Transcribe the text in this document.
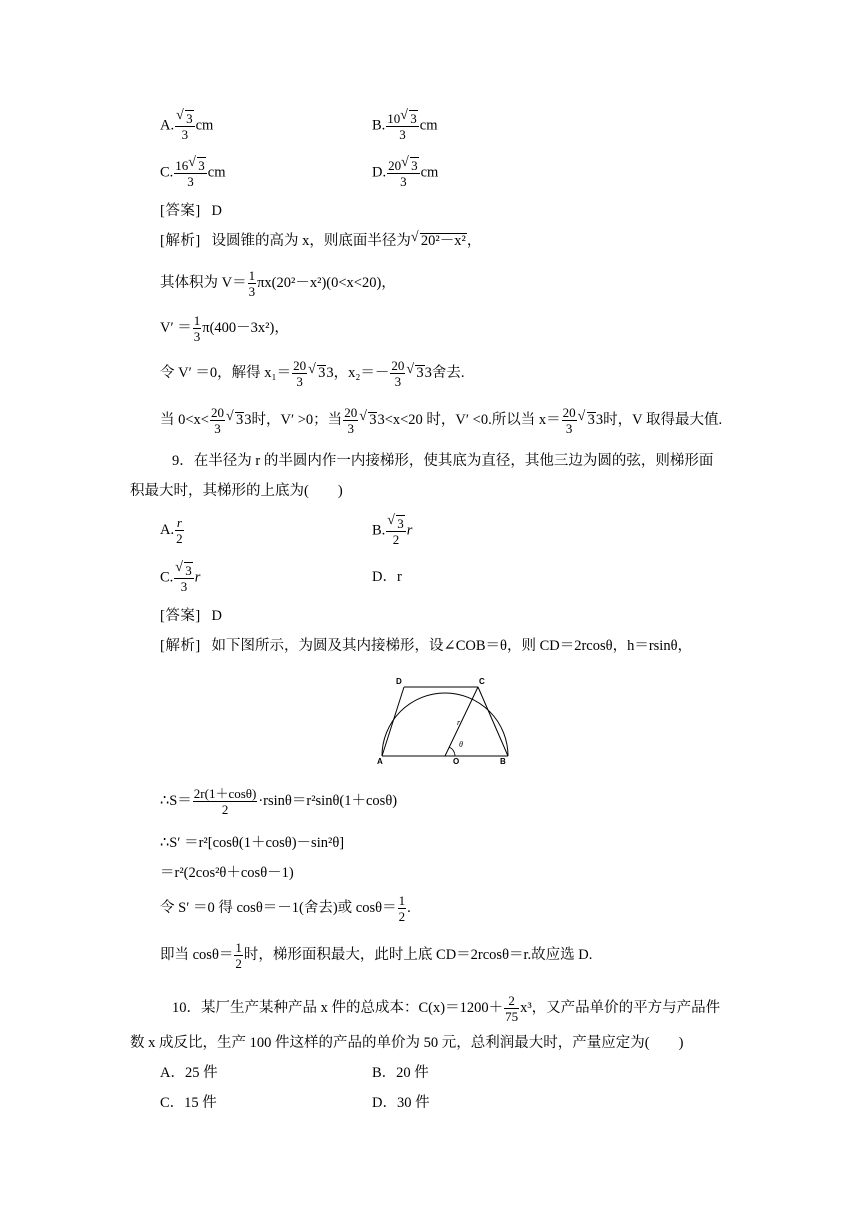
A. √ $\frac{3}{3}$ cm	B. $\frac{10 √ 3}{3}$ cm
C. $\frac{16 √ 3}{3}$ cm	D. $\frac{20 √ 3}{3}$ cm
[答案] D
[解析] 设圆锥的高为 x，则底面半径为 √ 20²－x²，
其体积为 $V= \frac{1}{3} \pi x(20^2-x^2)(0<x<20)$，
$V' = \frac{1}{3} \pi(400-3x^2)$，
令 V′ ＝0，解得 $x_1= \frac{20}{3}$ √ 33，$x_2=- \frac{20}{3}$ √ 33舍去.
当 $0<x< \frac{20}{3}$ √ 33时，V′ >0；当 $\frac{20}{3}$ √ 33<x<20 时，V′ <0.所以当 $x= \frac{20}{3}$ √ 33时，V 取得最大值.
9．在半径为 r 的半圆内作一内接梯形，使其底为直径，其他三边为圆的弦，则梯形面
积最大时，其梯形的上底为(　　)
A. $\frac{r}{2}$	B. √ $\frac{3}{2}$ r
C. √ $\frac{3}{3}$ r	D．r
[答案] D
[解析] 如下图所示，为圆及其内接梯形，设∠COB＝θ，则 CD＝2rcosθ，h＝rsinθ，
D	C
A	O	B
r
θ
∴S＝ $\frac{2r(1+\cos\theta)}{2} \cdot rsin\theta=r^2\sin\theta(1+\cos\theta)$
∴S′ ＝r²[cosθ(1＋cosθ)－sin²θ]
＝r²(2cos²θ＋cosθ－1)
令 S′ ＝0 得 cosθ＝－1(舍去)或 $\cos\theta= \frac{1}{2}$ .
即当 $\cos\theta= \frac{1}{2}$ 时，梯形面积最大，此时上底 CD＝2rcosθ＝r.故应选 D.
10．某厂生产某种产品 x 件的总成本：$C(x)=1200+ \frac{2}{75} x^3$，又产品单价的平方与产品件
数 x 成反比，生产 100 件这样的产品的单价为 50 元，总利润最大时，产量应定为(　　)
A．25 件	B．20 件
C．15 件	D．30 件
